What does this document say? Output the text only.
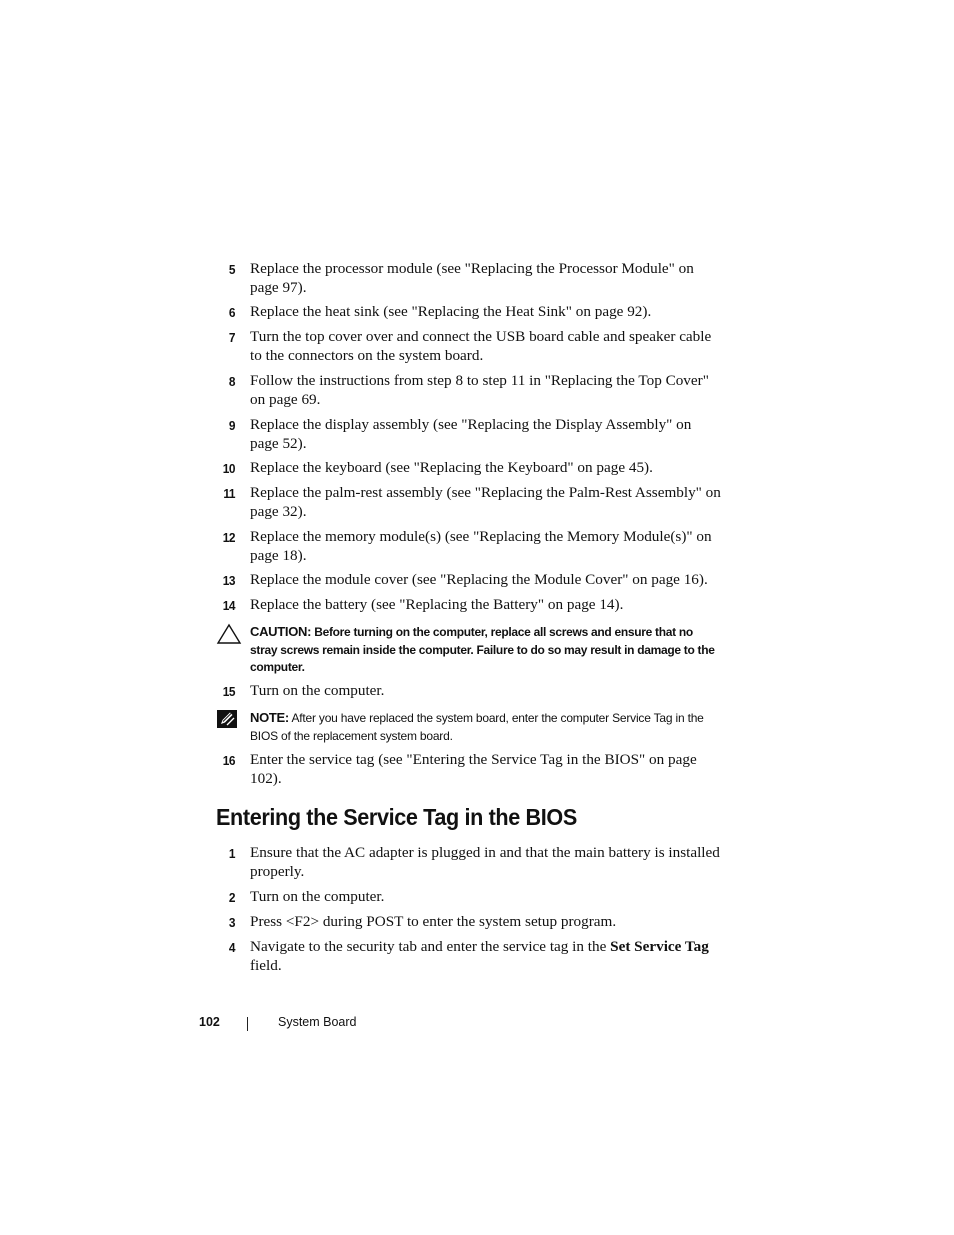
5 Replace the processor module (see "Replacing the Processor Module" on page 97).
6 Replace the heat sink (see "Replacing the Heat Sink" on page 92).
7 Turn the top cover over and connect the USB board cable and speaker cable to the connectors on the system board.
8 Follow the instructions from step 8 to step 11 in "Replacing the Top Cover" on page 69.
9 Replace the display assembly (see "Replacing the Display Assembly" on page 52).
10 Replace the keyboard (see "Replacing the Keyboard" on page 45).
11 Replace the palm-rest assembly (see "Replacing the Palm-Rest Assembly" on page 32).
12 Replace the memory module(s) (see "Replacing the Memory Module(s)" on page 18).
13 Replace the module cover (see "Replacing the Module Cover" on page 16).
14 Replace the battery (see "Replacing the Battery" on page 14).
CAUTION: Before turning on the computer, replace all screws and ensure that no stray screws remain inside the computer. Failure to do so may result in damage to the computer.
15 Turn on the computer.
NOTE: After you have replaced the system board, enter the computer Service Tag in the BIOS of the replacement system board.
16 Enter the service tag (see "Entering the Service Tag in the BIOS" on page 102).
Entering the Service Tag in the BIOS
1 Ensure that the AC adapter is plugged in and that the main battery is installed properly.
2 Turn on the computer.
3 Press <F2> during POST to enter the system setup program.
4 Navigate to the security tab and enter the service tag in the Set Service Tag field.
102	System Board
